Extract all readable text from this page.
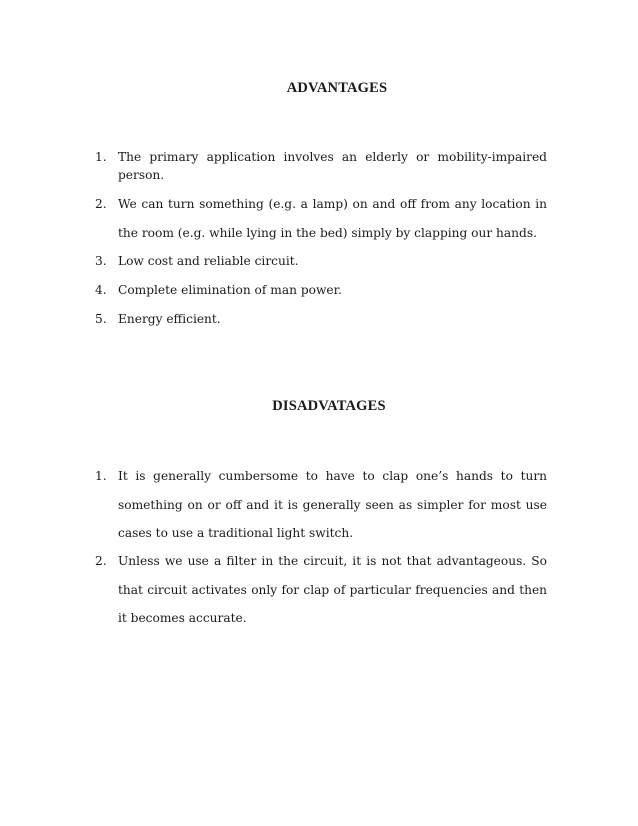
ADVANTAGES
1. The primary application involves an elderly or mobility-impaired person.
2. We can turn something (e.g. a lamp) on and off from any location in the room (e.g. while lying in the bed) simply by clapping our hands.
3. Low cost and reliable circuit.
4. Complete elimination of man power.
5. Energy efficient.
DISADVATAGES
1. It is generally cumbersome to have to clap one’s hands to turn something on or off and it is generally seen as simpler for most use cases to use a traditional light switch.
2. Unless we use a filter in the circuit, it is not that advantageous. So that circuit activates only for clap of particular frequencies and then it becomes accurate.
